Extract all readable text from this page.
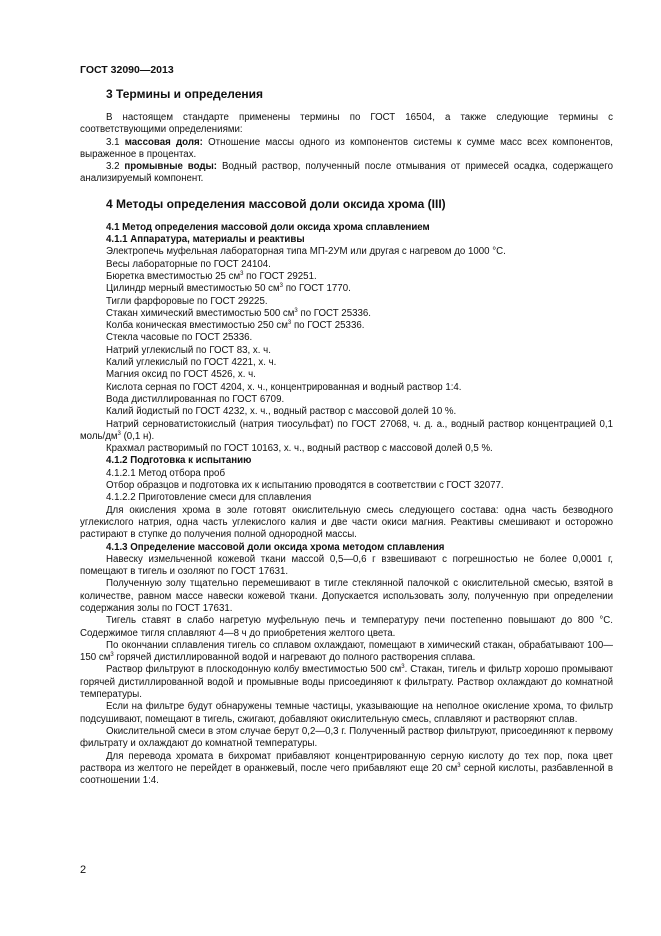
ГОСТ 32090—2013
3 Термины и определения

В настоящем стандарте применены термины по ГОСТ 16504, а также следующие термины с соответствующими определениями:

3.1 массовая доля: Отношение массы одного из компонентов системы к сумме масс всех компонентов, выраженное в процентах.

3.2 промывные воды: Водный раствор, полученный после отмывания от примесей осадка, содержащего анализируемый компонент.

4 Методы определения массовой доли оксида хрома (III)

4.1 Метод определения массовой доли оксида хрома сплавлением

4.1.1 Аппаратура, материалы и реактивы

Электропечь муфельная лабораторная типа МП-2УМ или другая с нагревом до 1000 °С.

Весы лабораторные по ГОСТ 24104.

Бюретка вместимостью 25 $см^3$ по ГОСТ 29251.

Цилиндр мерный вместимостью 50 $см^3$ по ГОСТ 1770.

Тигли фарфоровые по ГОСТ 29225.

Стакан химический вместимостью 500 $см^3$ по ГОСТ 25336.

Колба коническая вместимостью 250 $см^3$ по ГОСТ 25336.

Стекла часовые по ГОСТ 25336.

Натрий углекислый по ГОСТ 83, х. ч.

Калий углекислый по ГОСТ 4221, х. ч.

Магния оксид по ГОСТ 4526, х. ч.

Кислота серная по ГОСТ 4204, х. ч., концентрированная и водный раствор 1:4.

Вода дистиллированная по ГОСТ 6709.

Калий йодистый по ГОСТ 4232, х. ч., водный раствор с массовой долей 10 %.

Натрий серноватистокислый (натрия тиосульфат) по ГОСТ 27068, ч. д. а., водный раствор концентрацией 0,1 моль/$дм^3$ (0,1 н).

Крахмал растворимый по ГОСТ 10163, х. ч., водный раствор с массовой долей 0,5 %.

4.1.2 Подготовка к испытанию

4.1.2.1 Метод отбора проб

Отбор образцов и подготовка их к испытанию проводятся в соответствии с ГОСТ 32077.

4.1.2.2 Приготовление смеси для сплавления

Для окисления хрома в золе готовят окислительную смесь следующего состава: одна часть безводного углекислого натрия, одна часть углекислого калия и две части окиси магния. Реактивы смешивают и осторожно растирают в ступке до получения полной однородной массы.

4.1.3 Определение массовой доли оксида хрома методом сплавления

Навеску измельченной кожевой ткани массой 0,5—0,6 г взвешивают с погрешностью не более 0,0001 г, помещают в тигель и озоляют по ГОСТ 17631.

Полученную золу тщательно перемешивают в тигле стеклянной палочкой с окислительной смесью, взятой в количестве, равном массе навески кожевой ткани. Допускается использовать золу, полученную при определении содержания золы по ГОСТ 17631.

Тигель ставят в слабо нагретую муфельную печь и температуру печи постепенно повышают до 800 °С. Содержимое тигля сплавляют 4—8 ч до приобретения желтого цвета.

По окончании сплавления тигель со сплавом охлаждают, помещают в химический стакан, обрабатывают 100—150 $см^3$ горячей дистиллированной водой и нагревают до полного растворения сплава.

Раствор фильтруют в плоскодонную колбу вместимостью 500 $см^3$. Стакан, тигель и фильтр хорошо промывают горячей дистиллированной водой и промывные воды присоединяют к фильтрату. Раствор охлаждают до комнатной температуры.

Если на фильтре будут обнаружены темные частицы, указывающие на неполное окисление хрома, то фильтр подсушивают, помещают в тигель, сжигают, добавляют окислительную смесь, сплавляют и растворяют сплав.

Окислительной смеси в этом случае берут 0,2—0,3 г. Полученный раствор фильтруют, присоединяют к первому фильтрату и охлаждают до комнатной температуры.

Для перевода хромата в бихромат прибавляют концентрированную серную кислоту до тех пор, пока цвет раствора из желтого не перейдет в оранжевый, после чего прибавляют еще 20 $см^3$ серной кислоты, разбавленной в соотношении 1:4.

2
